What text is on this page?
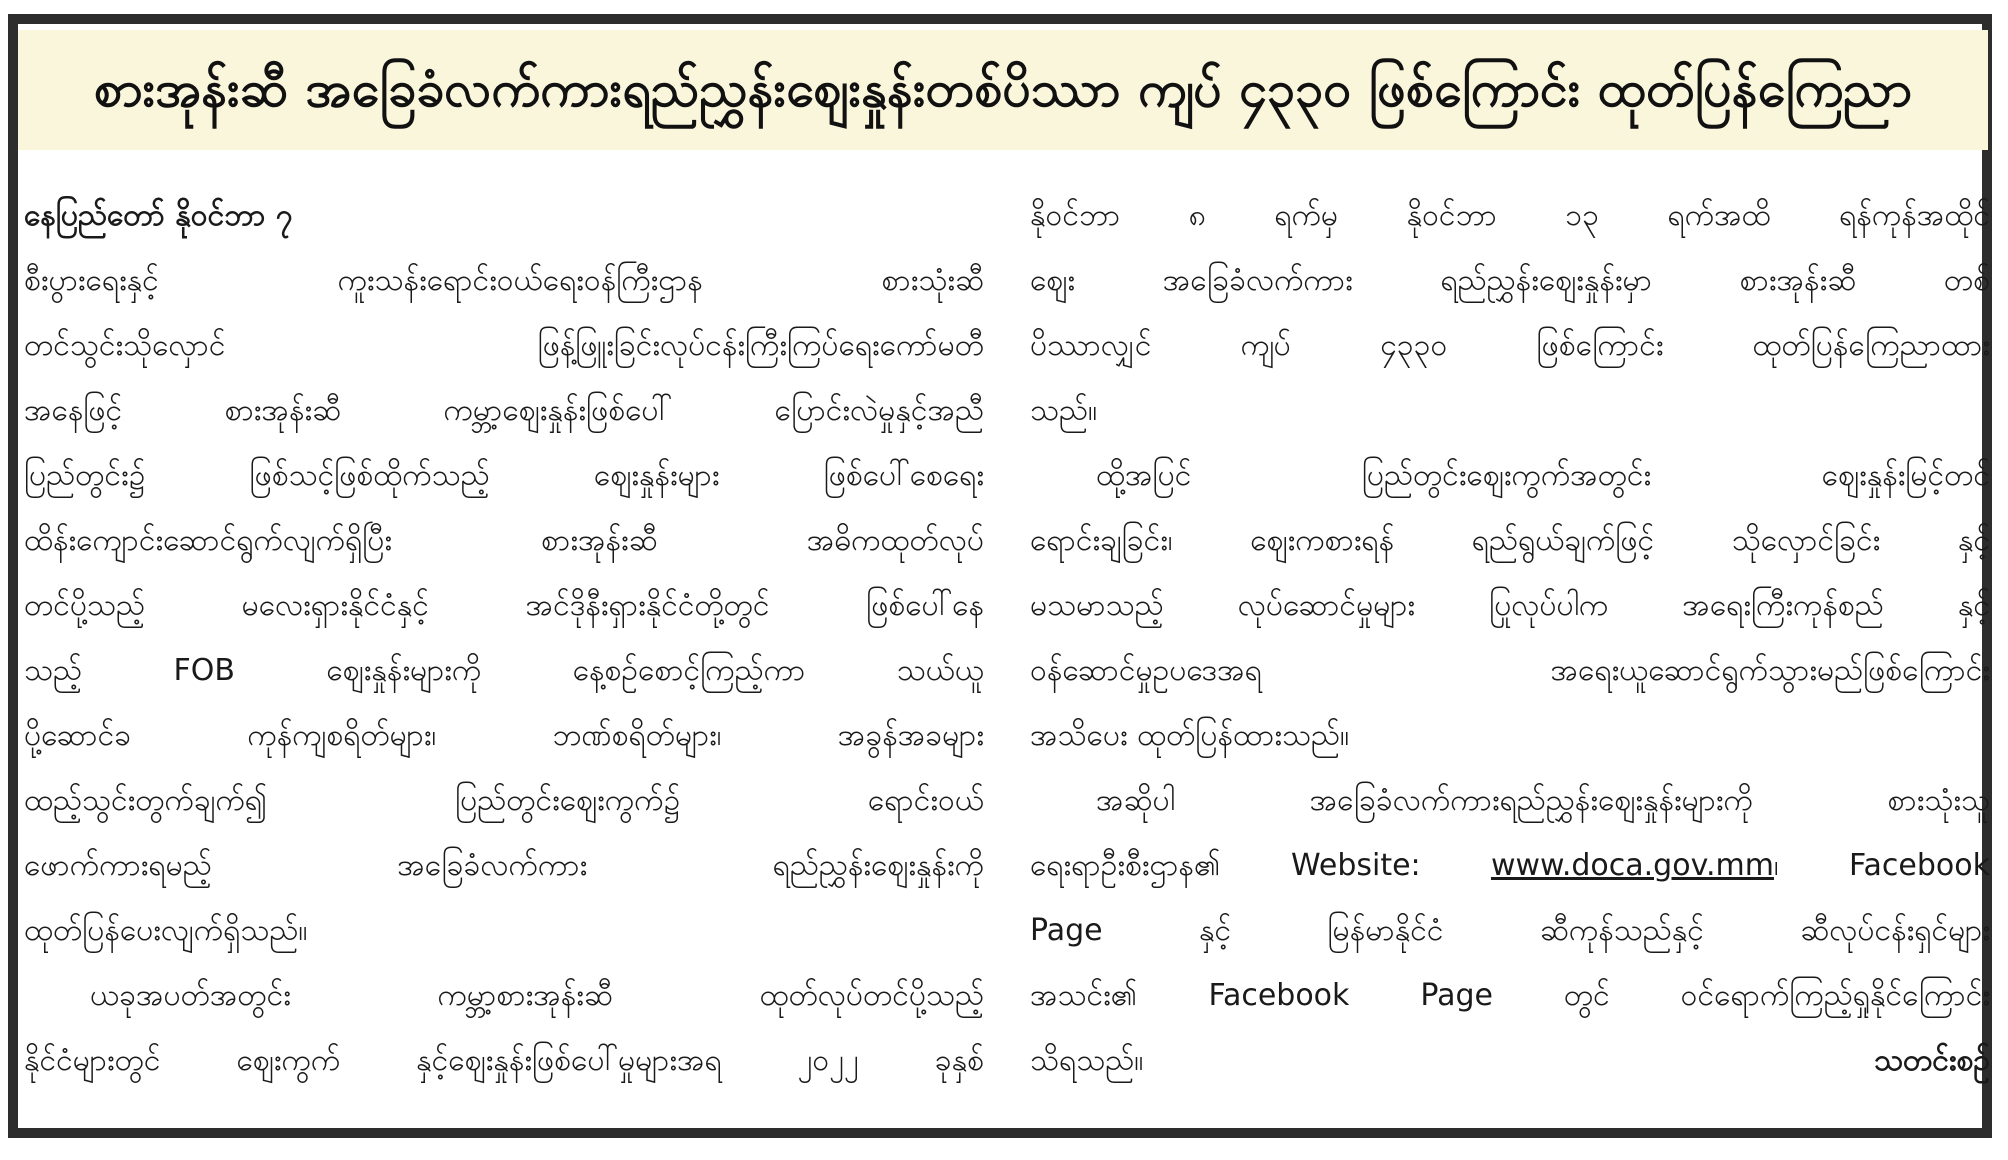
စားအုန်းဆီ အခြေခံလက်ကားရည်ညွှန်းဈေးနှုန်းတစ်ပိဿာ ကျပ် ၄၃၃၀ ဖြစ်ကြောင်း ထုတ်ပြန်ကြေညာ
နေပြည်တော် နိုဝင်ဘာ ၇
စီးပွားရေးနှင့် ကူးသန်းရောင်းဝယ်ရေးဝန်ကြီးဌာန စားသုံးဆီ
တင်သွင်းသိုလှောင် ဖြန့်ဖြူးခြင်းလုပ်ငန်းကြီးကြပ်ရေးကော်မတီ
အနေဖြင့် စားအုန်းဆီ ကမ္ဘာ့ဈေးနှုန်းဖြစ်ပေါ် ပြောင်းလဲမှုနှင့်အညီ
ပြည်တွင်း၌ ဖြစ်သင့်ဖြစ်ထိုက်သည့် ဈေးနှုန်းများ ဖြစ်ပေါ်စေရေး
ထိန်းကျောင်းဆောင်ရွက်လျက်ရှိပြီး စားအုန်းဆီ အဓိကထုတ်လုပ်
တင်ပို့သည့် မလေးရှားနိုင်ငံနှင့် အင်ဒိုနီးရှားနိုင်ငံတို့တွင် ဖြစ်ပေါ်နေ
သည့် FOB ဈေးနှုန်းများကို နေ့စဉ်စောင့်ကြည့်ကာ သယ်ယူ
ပို့ဆောင်ခ ကုန်ကျစရိတ်များ၊ ဘဏ်စရိတ်များ၊ အခွန်အခများ
ထည့်သွင်းတွက်ချက်၍ ပြည်တွင်းဈေးကွက်၌ ရောင်းဝယ်
ဖောက်ကားရမည့် အခြေခံလက်ကား ရည်ညွှန်းဈေးနှုန်းကို
ထုတ်ပြန်ပေးလျက်ရှိသည်။
ယခုအပတ်အတွင်း ကမ္ဘာ့စားအုန်းဆီ ထုတ်လုပ်တင်ပို့သည့်
နိုင်ငံများတွင် ဈေးကွက် နှင့်ဈေးနှုန်းဖြစ်ပေါ်မှုများအရ ၂၀၂၂ ခုနှစ်
နိုဝင်ဘာ ၈ ရက်မှ နိုဝင်ဘာ ၁၃ ရက်အထိ ရန်ကုန်အထိုင်
ဈေး အခြေခံလက်ကား ရည်ညွှန်းဈေးနှုန်းမှာ စားအုန်းဆီ တစ်
ပိဿာလျှင် ကျပ် ၄၃၃၀ ဖြစ်ကြောင်း ထုတ်ပြန်ကြေညာထား
သည်။
ထို့အပြင် ပြည်တွင်းဈေးကွက်အတွင်း ဈေးနှုန်းမြင့်တင်
ရောင်းချခြင်း၊ ဈေးကစားရန် ရည်ရွယ်ချက်ဖြင့် သိုလှောင်ခြင်း နှင့်
မသမာသည့် လုပ်ဆောင်မှုများ ပြုလုပ်ပါက အရေးကြီးကုန်စည် နှင့်
ဝန်ဆောင်မှုဥပဒေအရ အရေးယူဆောင်ရွက်သွားမည်ဖြစ်ကြောင်း
အသိပေး ထုတ်ပြန်ထားသည်။
အဆိုပါ အခြေခံလက်ကားရည်ညွှန်းဈေးနှုန်းများကို စားသုံးသူ
ရေးရာဦးစီးဌာန၏ Website: www.doca.gov.mm၊ Facebook
Page နှင့် မြန်မာနိုင်ငံ ဆီကုန်သည်နှင့် ဆီလုပ်ငန်းရှင်များ
အသင်း၏ Facebook Page တွင် ဝင်ရောက်ကြည့်ရှုနိုင်ကြောင်း
သိရသည်။	သတင်းစဉ်
